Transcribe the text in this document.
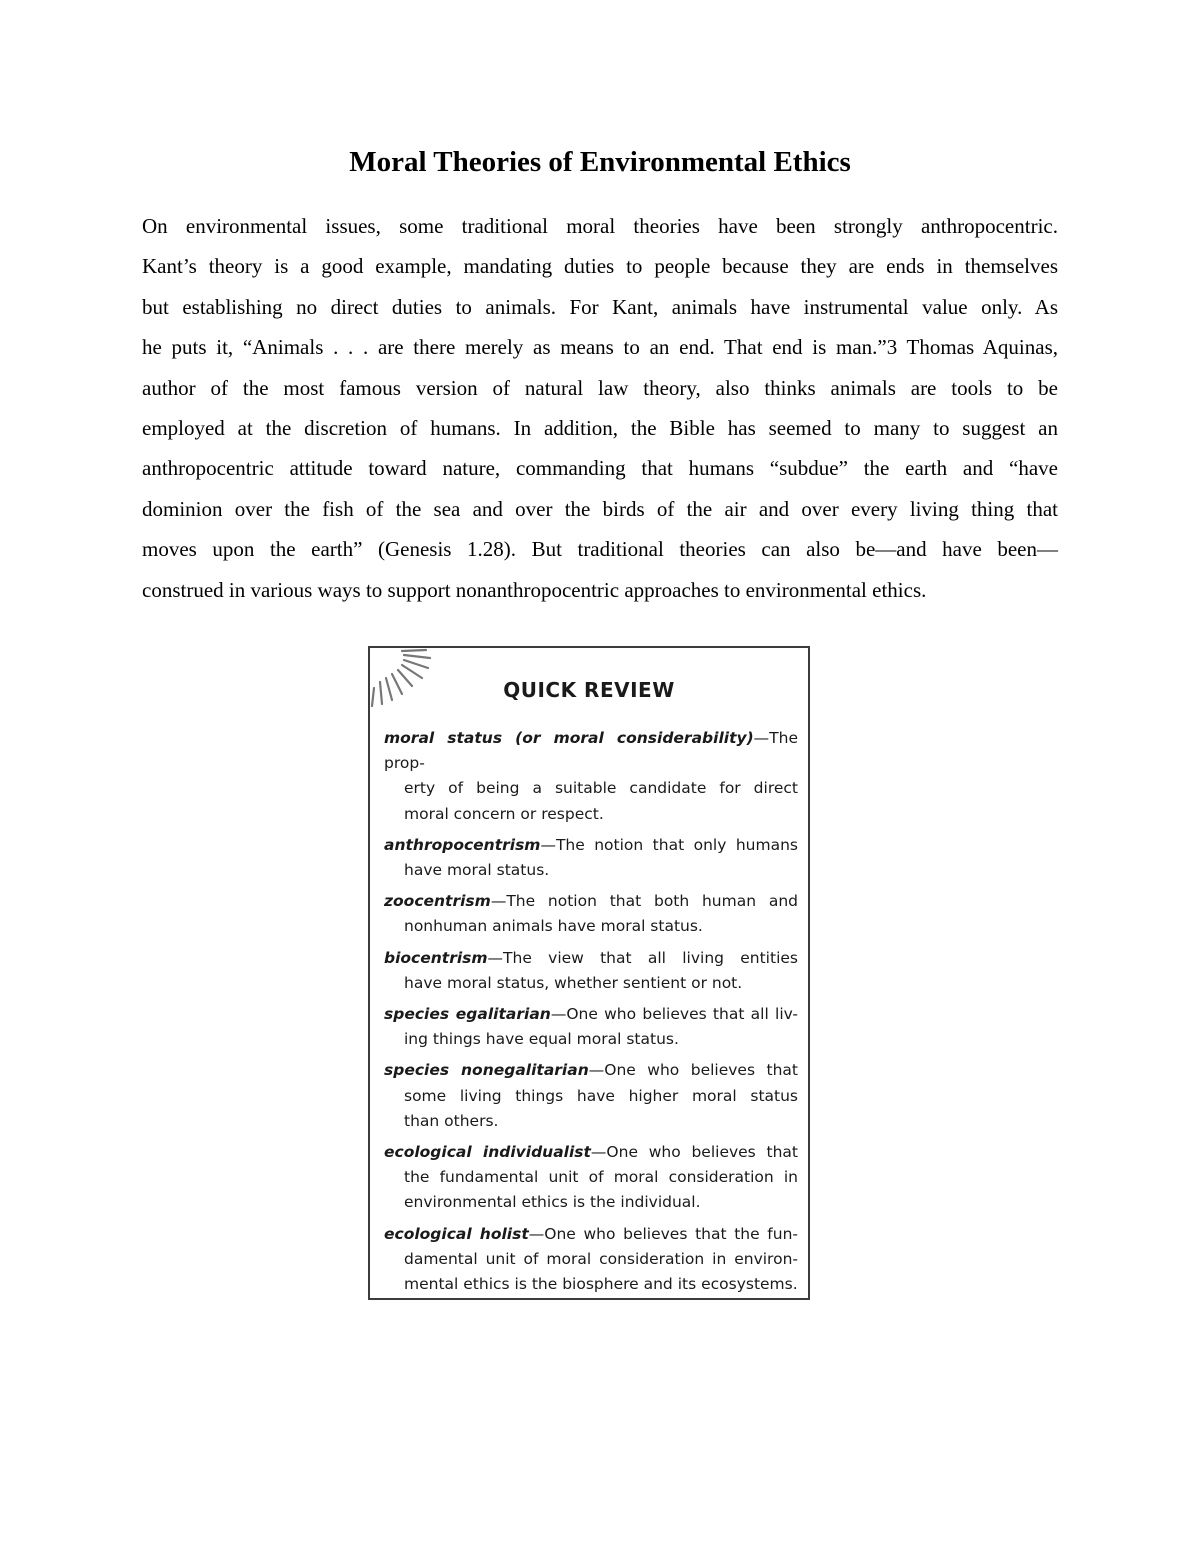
Moral Theories of Environmental Ethics
On environmental issues, some traditional moral theories have been strongly anthropocentric.
Kant’s theory is a good example, mandating duties to people because they are ends in themselves
but establishing no direct duties to animals. For Kant, animals have instrumental value only. As
he puts it, “Animals . . . are there merely as means to an end. That end is man.”3 Thomas Aquinas,
author of the most famous version of natural law theory, also thinks animals are tools to be
employed at the discretion of humans. In addition, the Bible has seemed to many to suggest an
anthropocentric attitude toward nature, commanding that humans “subdue” the earth and “have
dominion over the fish of the sea and over the birds of the air and over every living thing that
moves upon the earth” (Genesis 1.28). But traditional theories can also be—and have been—
construed in various ways to support nonanthropocentric approaches to environmental ethics.
QUICK REVIEW
moral status (or moral considerability)—The prop-
erty of being a suitable candidate for direct
moral concern or respect.
anthropocentrism—The notion that only humans
have moral status.
zoocentrism—The notion that both human and
nonhuman animals have moral status.
biocentrism—The view that all living entities
have moral status, whether sentient or not.
species egalitarian—One who believes that all liv-
ing things have equal moral status.
species nonegalitarian—One who believes that
some living things have higher moral status
than others.
ecological individualist—One who believes that
the fundamental unit of moral consideration in
environmental ethics is the individual.
ecological holist—One who believes that the fun-
damental unit of moral consideration in environ-
mental ethics is the biosphere and its ecosystems.
